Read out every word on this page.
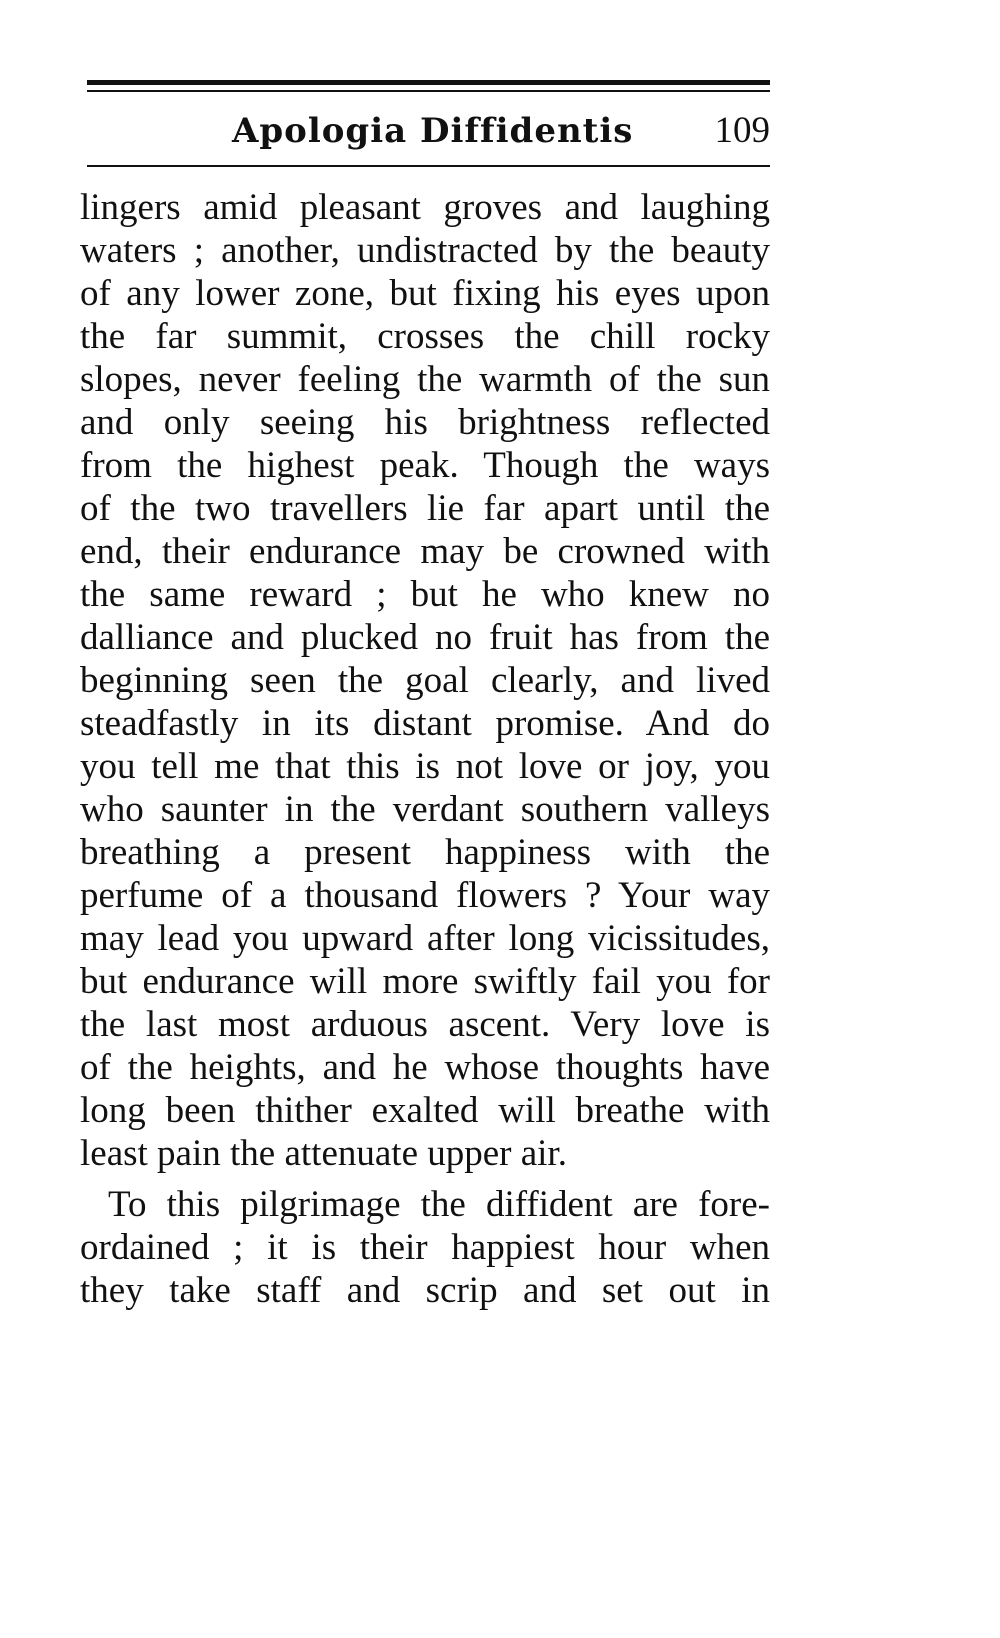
Apologia Diffidentis 109
lingers amid pleasant groves and laughing
waters ; another, undistracted by the beauty
of any lower zone, but fixing his eyes upon
the far summit, crosses the chill rocky
slopes, never feeling the warmth of the sun
and only seeing his brightness reflected
from the highest peak. Though the ways
of the two travellers lie far apart until the
end, their endurance may be crowned with
the same reward ; but he who knew no
dalliance and plucked no fruit has from the
beginning seen the goal clearly, and lived
steadfastly in its distant promise. And do
you tell me that this is not love or joy, you
who saunter in the verdant southern valleys
breathing a present happiness with the
perfume of a thousand flowers ? Your way
may lead you upward after long vicissitudes,
but endurance will more swiftly fail you for
the last most arduous ascent. Very love is
of the heights, and he whose thoughts have
long been thither exalted will breathe with
least pain the attenuate upper air.
To this pilgrimage the diffident are fore-
ordained ; it is their happiest hour when
they take staff and scrip and set out in
